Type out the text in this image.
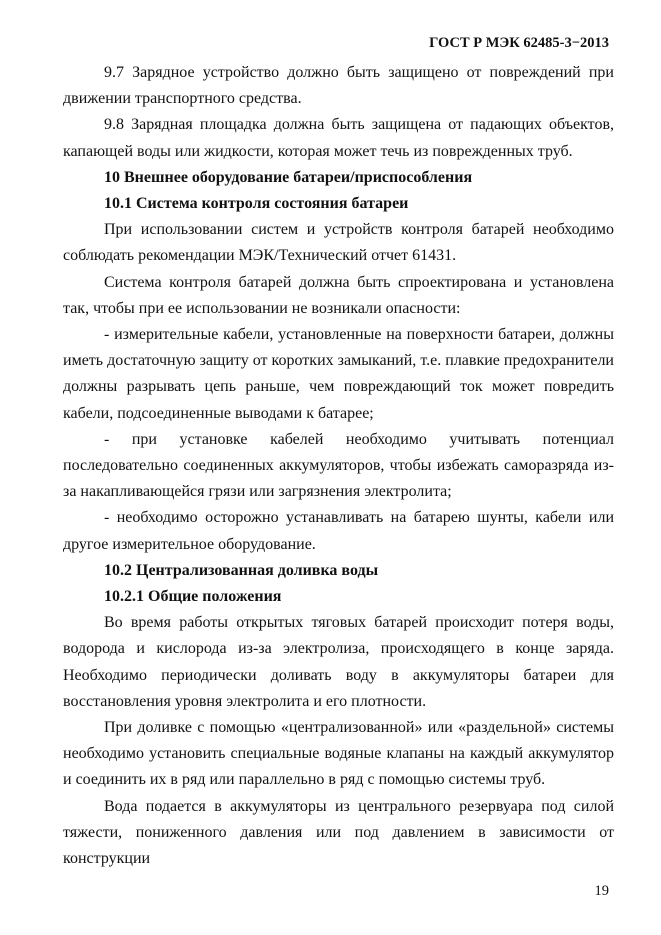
ГОСТ Р МЭК 62485-3−2013

9.7 Зарядное устройство должно быть защищено от повреждений при движении транспортного средства.

9.8 Зарядная площадка должна быть защищена от падающих объектов, капающей воды или жидкости, которая может течь из поврежденных труб.

10 Внешнее оборудование батареи/приспособления

10.1 Система контроля состояния батареи

При использовании систем и устройств контроля батарей необходимо соблюдать рекомендации МЭК/Технический отчет 61431.

Система контроля батарей должна быть спроектирована и установлена так, чтобы при ее использовании не возникали опасности:

- измерительные кабели, установленные на поверхности батареи, должны иметь достаточную защиту от коротких замыканий, т.е. плавкие предохранители должны разрывать цепь раньше, чем повреждающий ток может повредить кабели, подсоединенные выводами к батарее;

- при установке кабелей необходимо учитывать потенциал последовательно соединенных аккумуляторов, чтобы избежать саморазряда из-за накапливающейся грязи или загрязнения электролита;

- необходимо осторожно устанавливать на батарею шунты, кабели или другое измерительное оборудование.

10.2 Централизованная доливка воды

10.2.1 Общие положения

Во время работы открытых тяговых батарей происходит потеря воды, водорода и кислорода из-за электролиза, происходящего в конце заряда. Необходимо периодически доливать воду в аккумуляторы батареи для восстановления уровня электролита и его плотности.

При доливке с помощью «централизованной» или «раздельной» системы необходимо установить специальные водяные клапаны на каждый аккумулятор и соединить их в ряд или параллельно в ряд с помощью системы труб.

Вода подается в аккумуляторы из центрального резервуара под силой тяжести, пониженного давления или под давлением в зависимости от конструкции

19
